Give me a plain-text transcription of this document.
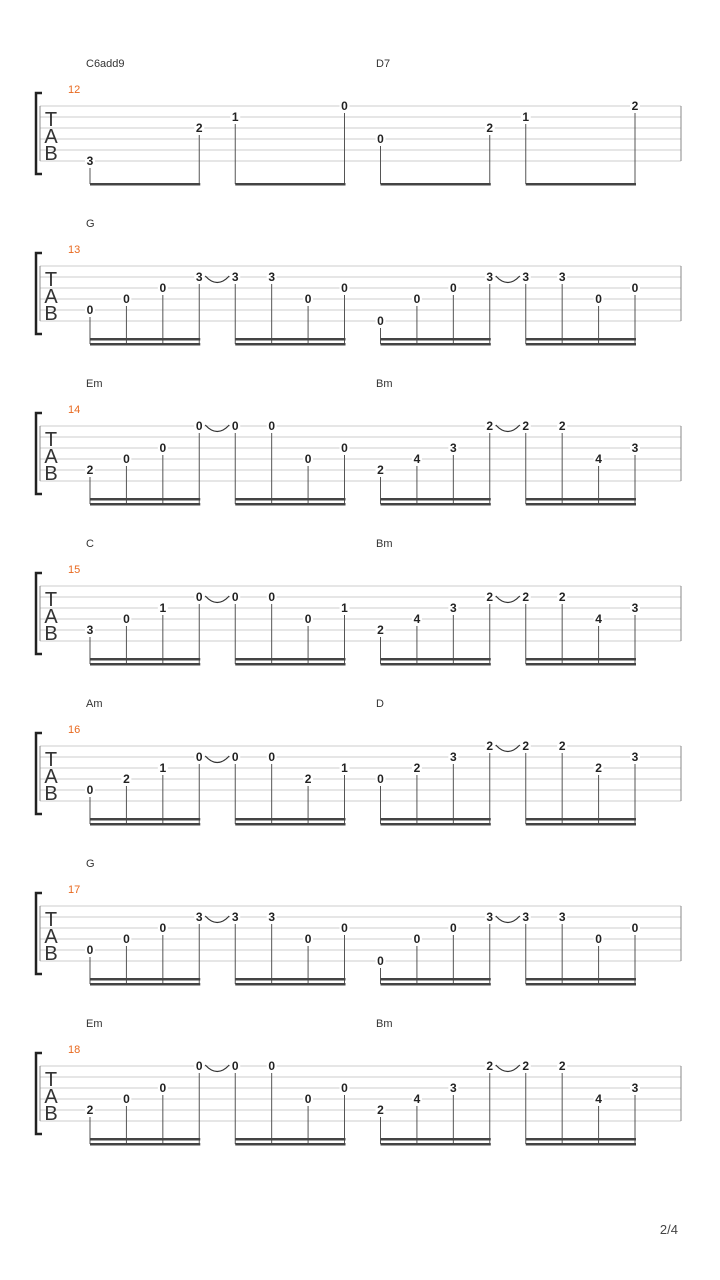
T
A
B
12
C6add9	D7
3
2
1
0
0
2
1
2
T
A
B
13
G
0
0
0
3 3 3
0
0
0
0
0
3 3 3
0
0
T
A
B
14
Em	Bm
2
0
0
0 0 0
0
0
2
4
3
2 2 2
4
3
T
A
B
15
C	Bm
3
0
1
0 0 0
0
1
2
4
3
2 2 2
4
3
T
A
B
16
Am	D
0
2
1
0 0 0
2
1
0
2
3
2 2 2
2
3
T
A
B
17
G
0
0
0
3 3 3
0
0
0
0
0
3 3 3
0
0
T
A
B
18
Em	Bm
2
0
0
0 0 0
0
0
2
4
3
2 2 2
4
3
2/4
